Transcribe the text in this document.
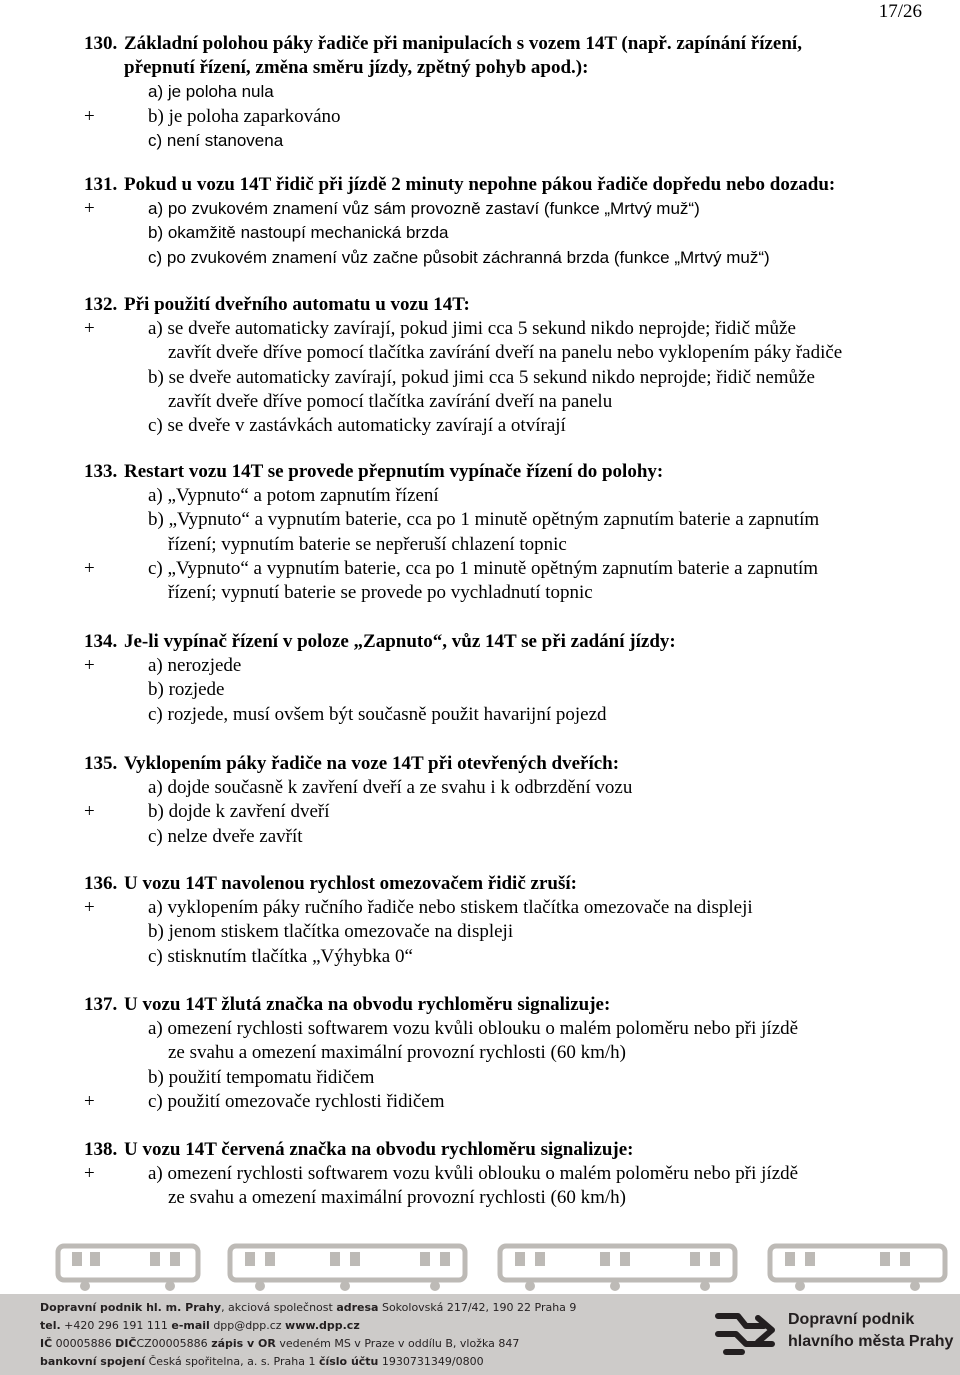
17/26
130. Základní polohou páky řadiče při manipulacích s vozem 14T (např. zapínání řízení,
přepnutí řízení, změna směru jízdy, zpětný pohyb apod.):
a) je poloha nula
+	b) je poloha zaparkováno
c) není stanovena
131. Pokud u vozu 14T řidič při jízdě 2 minuty nepohne pákou řadiče dopředu nebo dozadu:
+	a) po zvukovém znamení vůz sám provozně zastaví (funkce „Mrtvý muž“)
b) okamžitě nastoupí mechanická brzda
c) po zvukovém znamení vůz začne působit záchranná brzda (funkce „Mrtvý muž“)
132. Při použití dveřního automatu u vozu 14T:
+	a) se dveře automaticky zavírají, pokud jimi cca 5 sekund nikdo neprojde; řidič může
zavřít dveře dříve pomocí tlačítka zavírání dveří na panelu nebo vyklopením páky řadiče
b) se dveře automaticky zavírají, pokud jimi cca 5 sekund nikdo neprojde; řidič nemůže
zavřít dveře dříve pomocí tlačítka zavírání dveří na panelu
c) se dveře v zastávkách automaticky zavírají a otvírají
133. Restart vozu 14T se provede přepnutím vypínače řízení do polohy:
a) „Vypnuto“ a potom zapnutím řízení
b) „Vypnuto“ a vypnutím baterie, cca po 1 minutě opětným zapnutím baterie a zapnutím
řízení; vypnutím baterie se nepřeruší chlazení topnic
+	c) „Vypnuto“ a vypnutím baterie, cca po 1 minutě opětným zapnutím baterie a zapnutím
řízení; vypnutí baterie se provede po vychladnutí topnic
134. Je-li vypínač řízení v poloze „Zapnuto“, vůz 14T se při zadání jízdy:
+	a) nerozjede
b) rozjede
c) rozjede, musí ovšem být současně použit havarijní pojezd
135. Vyklopením páky řadiče na voze 14T při otevřených dveřích:
a) dojde současně k zavření dveří a ze svahu i k odbrzdění vozu
+	b) dojde k zavření dveří
c) nelze dveře zavřít
136. U vozu 14T navolenou rychlost omezovačem řidič zruší:
+	a) vyklopením páky ručního řadiče nebo stiskem tlačítka omezovače na displeji
b) jenom stiskem tlačítka omezovače na displeji
c) stisknutím tlačítka „Výhybka 0“
137. U vozu 14T žlutá značka na obvodu rychloměru signalizuje:
a) omezení rychlosti softwarem vozu kvůli oblouku o malém poloměru nebo při jízdě
ze svahu a omezení maximální provozní rychlosti (60 km/h)
b) použití tempomatu řidičem
+	c) použití omezovače rychlosti řidičem
138. U vozu 14T červená značka na obvodu rychloměru signalizuje:
+	a) omezení rychlosti softwarem vozu kvůli oblouku o malém poloměru nebo při jízdě
ze svahu a omezení maximální provozní rychlosti (60 km/h)
Dopravní podnik hl. m. Prahy, akciová společnost adresa Sokolovská 217/42, 190 22 Praha 9
tel. +420 296 191 111 e-mail dpp@dpp.cz www.dpp.cz
IČ 00005886 DIČCZ00005886 zápis v OR vedeném MS v Praze v oddílu B, vložka 847
bankovní spojení Česká spořitelna, a. s. Praha 1 číslo účtu 1930731349/0800
Dopravní podnik
hlavního města Prahy
